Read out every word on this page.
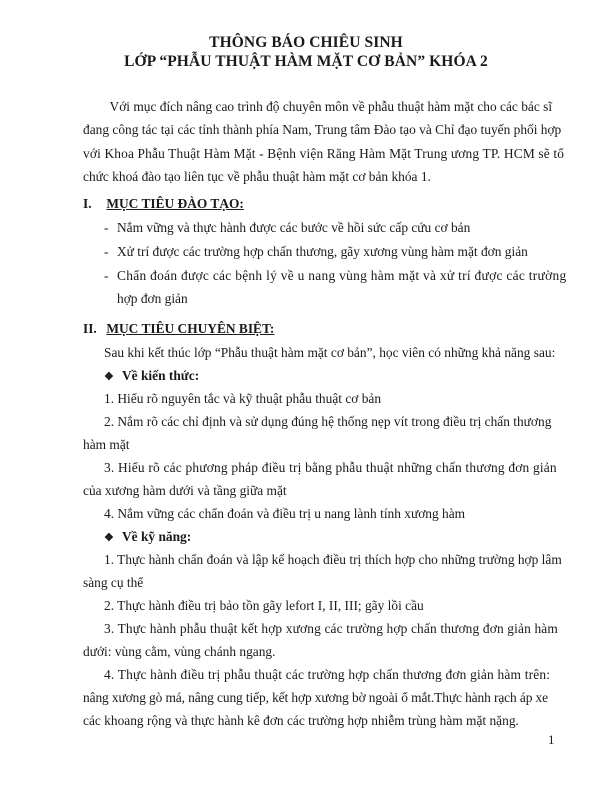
THÔNG BÁO CHIÊU SINH
LỚP “PHẪU THUẬT HÀM MẶT CƠ BẢN” KHÓA 2
Với mục đích nâng cao trình độ chuyên môn về phẫu thuật hàm mặt cho các bác sĩ
đang công tác tại các tỉnh thành phía Nam, Trung tâm Đào tạo và Chỉ đạo tuyến phối hợp
với Khoa Phẫu Thuật Hàm Mặt - Bệnh viện Răng Hàm Mặt Trung ương TP. HCM sẽ tổ
chức khoá đào tạo liên tục về phẫu thuật hàm mặt cơ bản khóa 1.
I. MỤC TIÊU ĐÀO TẠO:
- Nắm vững và thực hành được các bước về hồi sức cấp cứu cơ bản
- Xử trí được các trường hợp chấn thương, gãy xương vùng hàm mặt đơn giản
- Chẩn đoán được các bệnh lý về u nang vùng hàm mặt và xử trí được các trường
hợp đơn giản
II. MỤC TIÊU CHUYÊN BIỆT:
Sau khi kết thúc lớp “Phẫu thuật hàm mặt cơ bản”, học viên có những khả năng sau:
❖ Về kiến thức:
1. Hiểu rõ nguyên tắc và kỹ thuật phẫu thuật cơ bản
2. Nắm rõ các chỉ định và sử dụng đúng hệ thống nẹp vít trong điều trị chấn thương
hàm mặt
3. Hiểu rõ các phương pháp điều trị bằng phẫu thuật những chấn thương đơn giản
của xương hàm dưới và tầng giữa mặt
4. Nắm vững các chẩn đoán và điều trị u nang lành tính xương hàm
❖ Về kỹ năng:
1. Thực hành chẩn đoán và lập kế hoạch điều trị thích hợp cho những trường hợp lâm
sàng cụ thể
2. Thực hành điều trị bảo tồn gãy lefort I, II, III; gãy lồi cầu
3. Thực hành phẫu thuật kết hợp xương các trường hợp chấn thương đơn giản hàm
dưới: vùng cằm, vùng chánh ngang.
4. Thực hành điều trị phẫu thuật các trường hợp chấn thương đơn giản hàm trên:
nâng xương gò má, nâng cung tiếp, kết hợp xương bờ ngoài ổ mắt.Thực hành rạch áp xe
các khoang rộng và thực hành kê đơn các trường hợp nhiễm trùng hàm mặt nặng.
1
